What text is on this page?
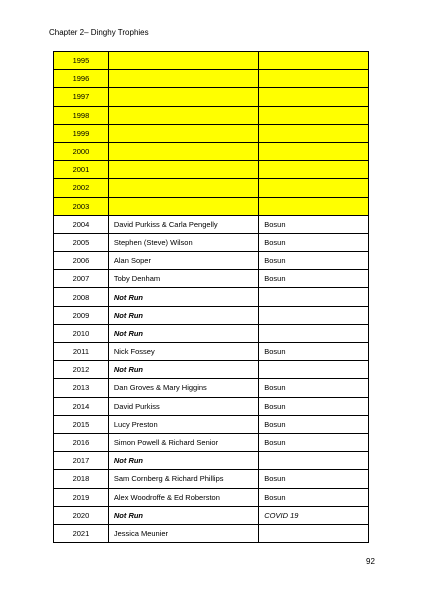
Chapter 2– Dinghy Trophies
1995		
1996		
1997		
1998		
1999		
2000		
2001		
2002		
2003		
2004	David Purkiss & Carla Pengelly	Bosun
2005	Stephen (Steve) Wilson	Bosun
2006	Alan Soper	Bosun
2007	Toby Denham	Bosun
2008	Not Run	
2009	Not Run	
2010	Not Run	
2011	Nick Fossey	Bosun
2012	Not Run	
2013	Dan Groves & Mary Higgins	Bosun
2014	David Purkiss	Bosun
2015	Lucy Preston	Bosun
2016	Simon Powell & Richard Senior	Bosun
2017	Not Run	
2018	Sam Cornberg & Richard Phillips	Bosun
2019	Alex Woodroffe & Ed Roberston	Bosun
2020	Not Run	COVID 19
2021	Jessica Meunier	
92
